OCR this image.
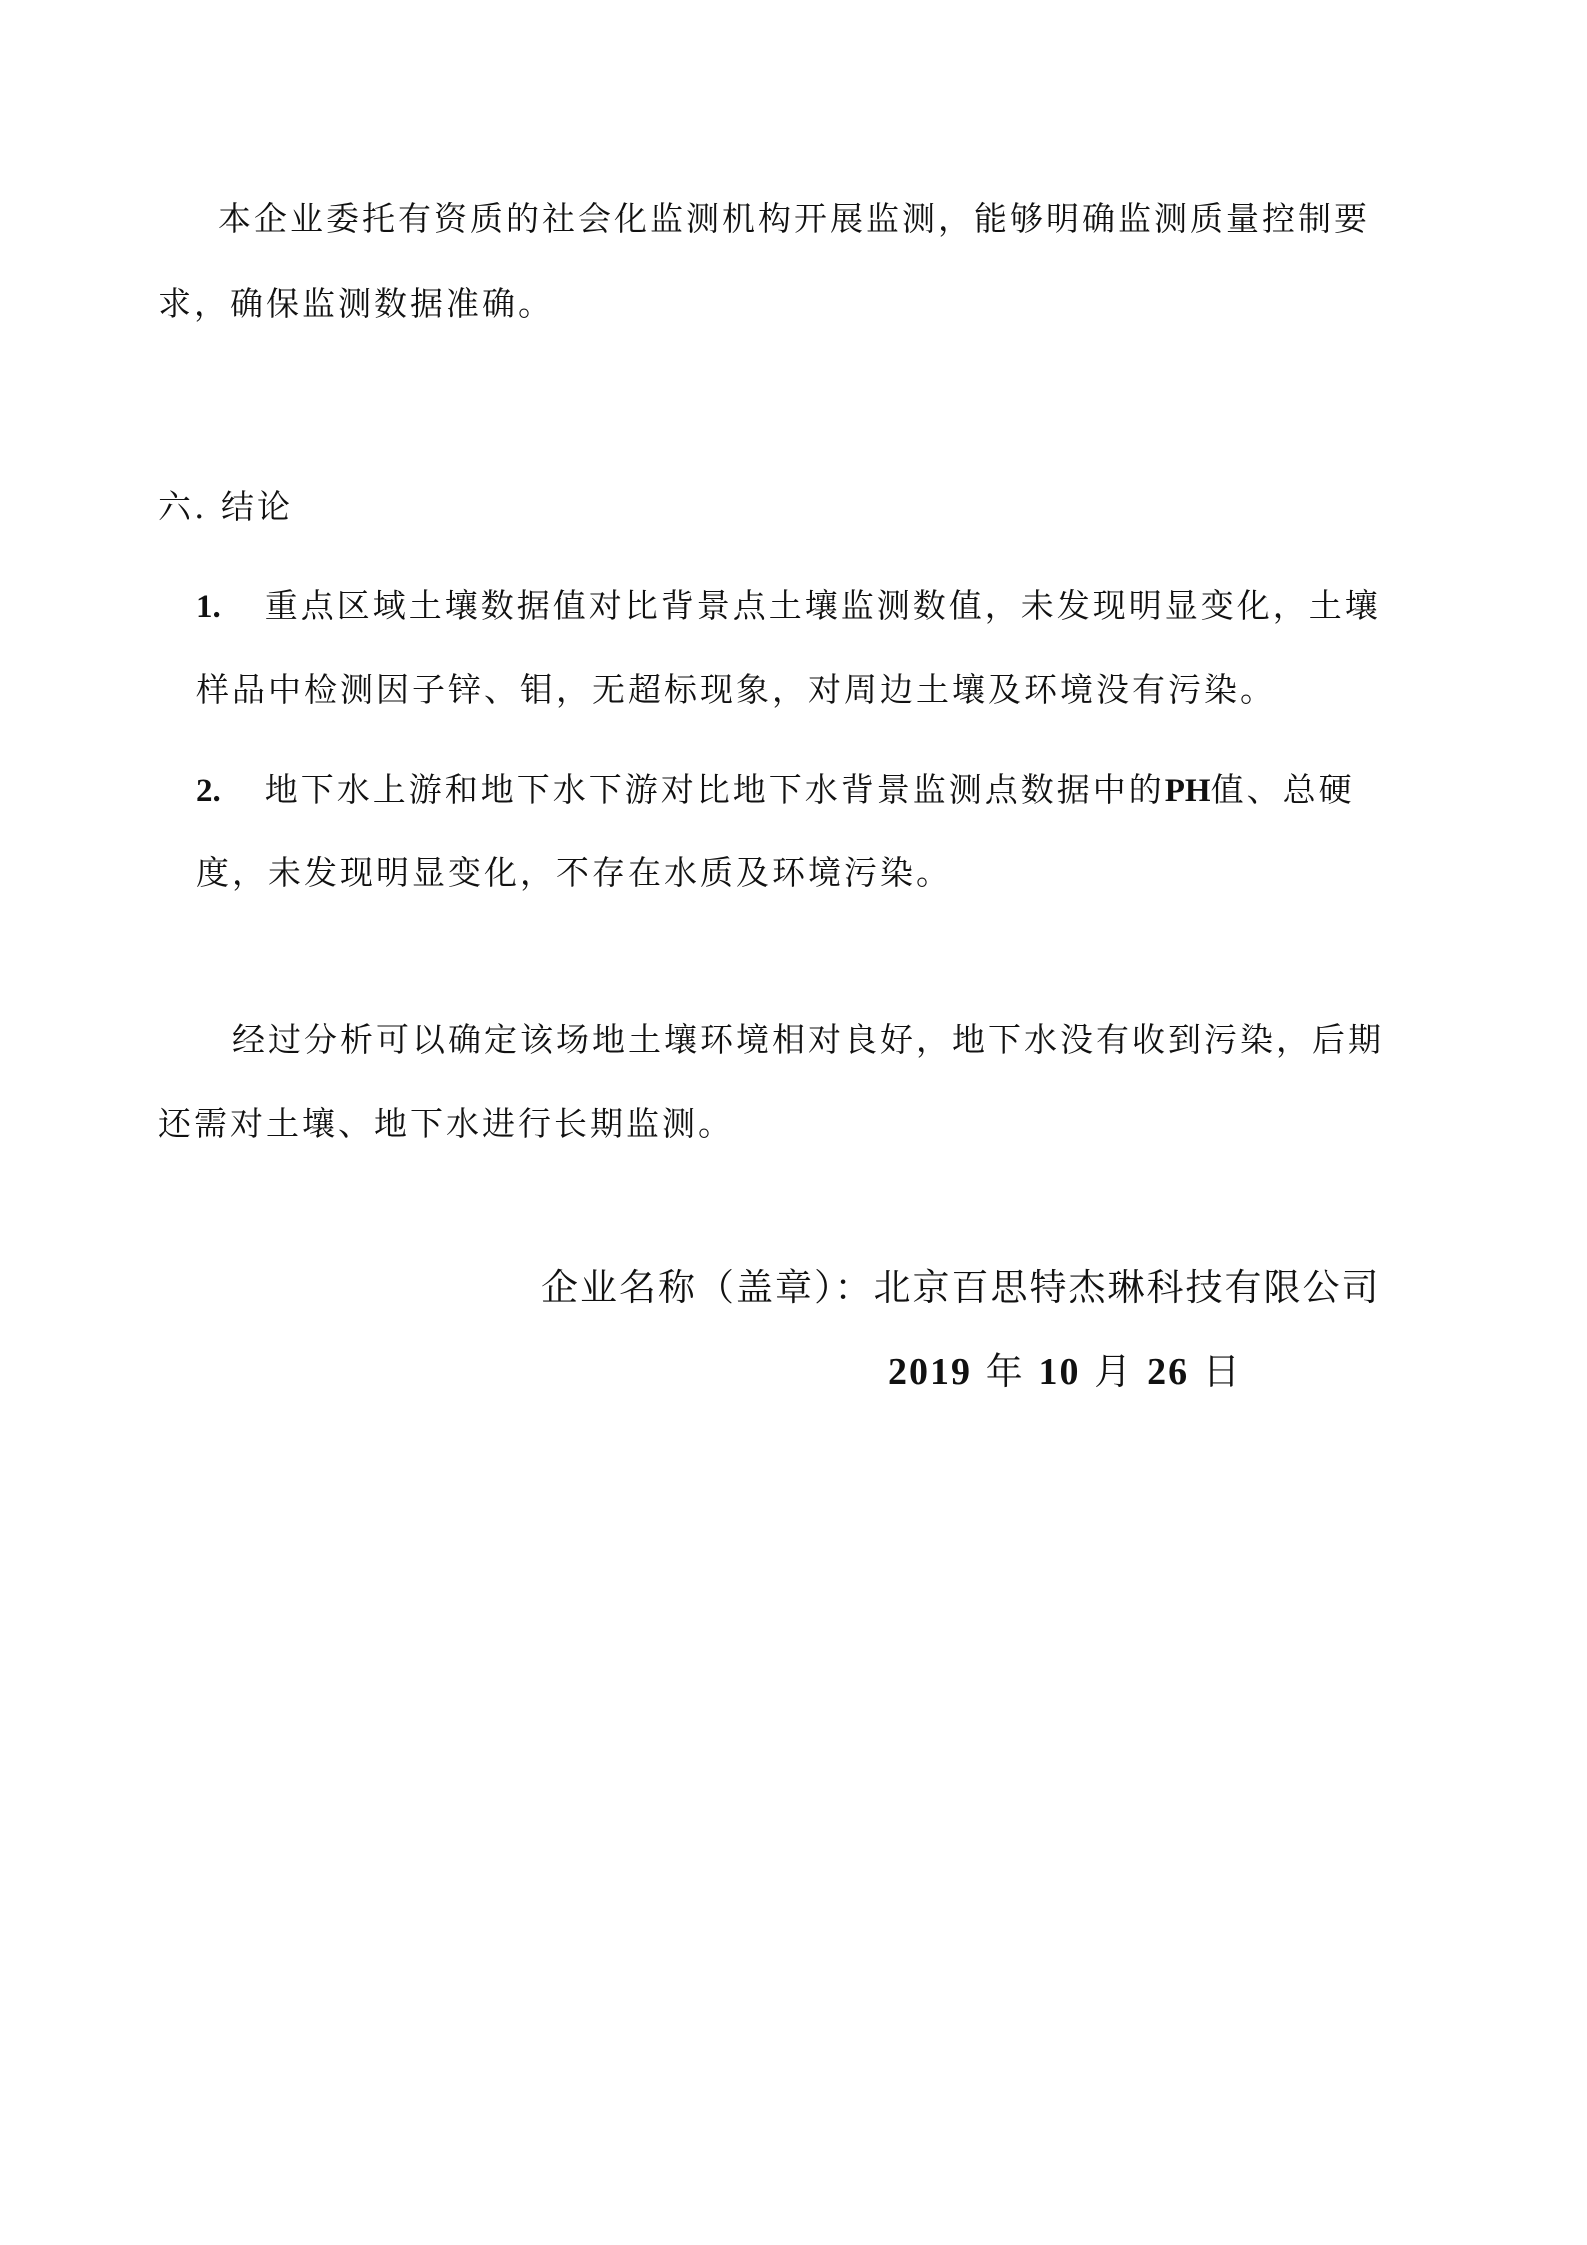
本企业委托有资质的社会化监测机构开展监测，能够明确监测质量控制要
求，确保监测数据准确。
六. 结论
1. 重点区域土壤数据值对比背景点土壤监测数值，未发现明显变化，土壤
样品中检测因子锌、钼，无超标现象，对周边土壤及环境没有污染。
2. 地下水上游和地下水下游对比地下水背景监测点数据中的PH值、总硬
度，未发现明显变化，不存在水质及环境污染。
经过分析可以确定该场地土壤环境相对良好，地下水没有收到污染，后期
还需对土壤、地下水进行长期监测。
企业名称（盖章）：北京百思特杰琳科技有限公司
2019 年 10 月 26 日
